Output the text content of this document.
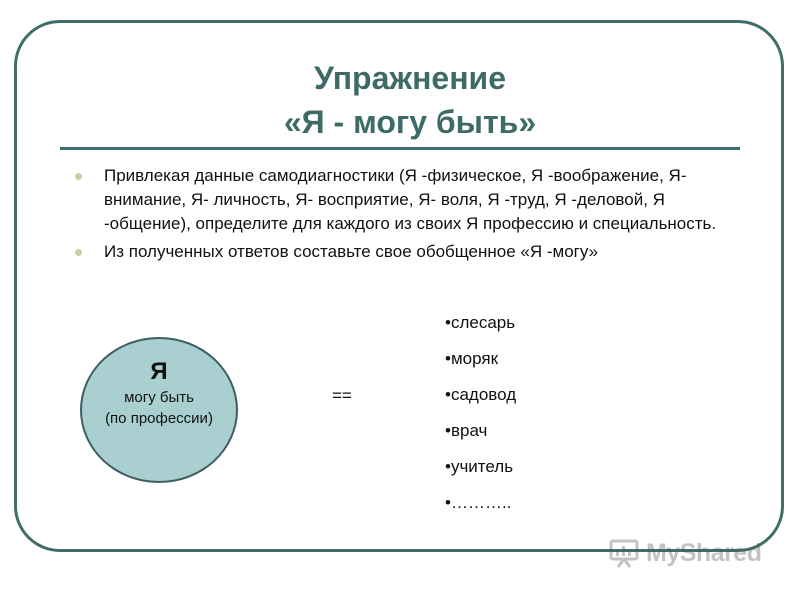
Упражнение
«Я - могу быть»
Привлекая данные самодиагностики (Я -физическое, Я -воображение, Я- внимание, Я- личность, Я- восприятие, Я- воля, Я -труд, Я -деловой, Я -общение), определите для каждого из своих Я профессию и специальность.
Из полученных ответов составьте свое обобщенное «Я -могу»
Я
могу быть
(по профессии)
==
•слесарь
•моряк
•садовод
•врач
•учитель
•………..
MyShared
